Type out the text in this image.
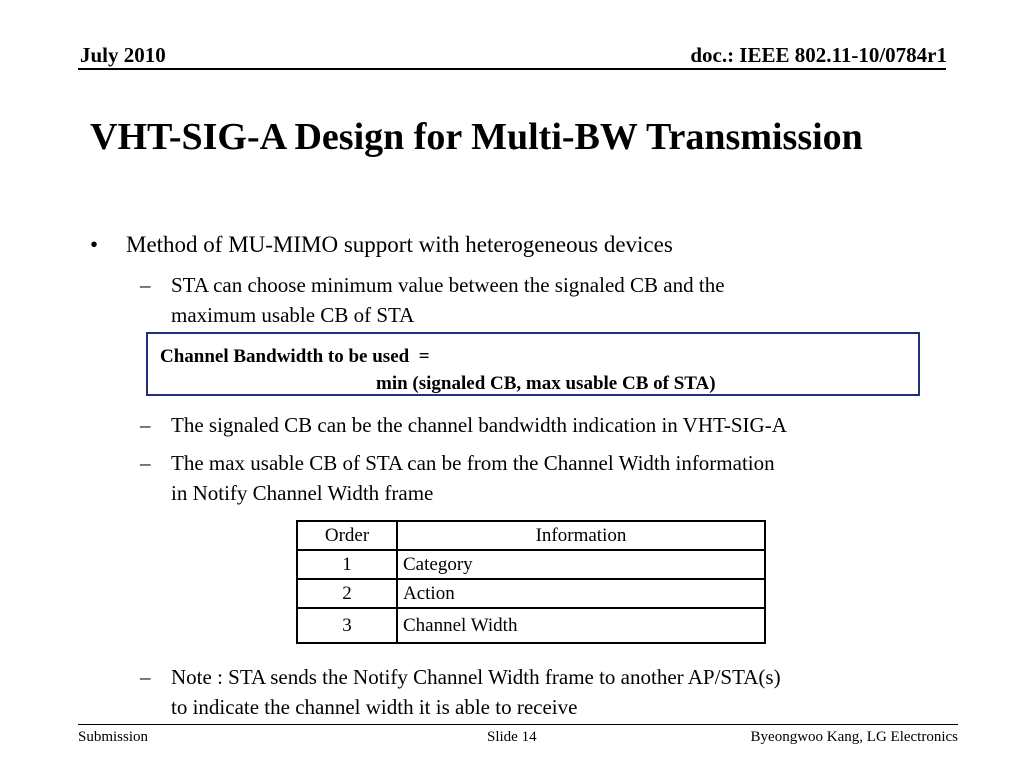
July 2010	doc.: IEEE 802.11-10/0784r1
VHT-SIG-A Design for Multi-BW Transmission
• Method of MU-MIMO support with heterogeneous devices
– STA can choose minimum value between the signaled CB and the
maximum usable CB of STA
Channel Bandwidth to be used  =
min (signaled CB, max usable CB of STA)
– The signaled CB can be the channel bandwidth indication in VHT-SIG-A
– The max usable CB of STA can be from the Channel Width information
in Notify Channel Width frame
Order	Information
1	Category
2	Action
3	Channel Width
– Note : STA sends the Notify Channel Width frame to another AP/STA(s)
to indicate the channel width it is able to receive
Submission	Slide 14	Byeongwoo Kang, LG Electronics
